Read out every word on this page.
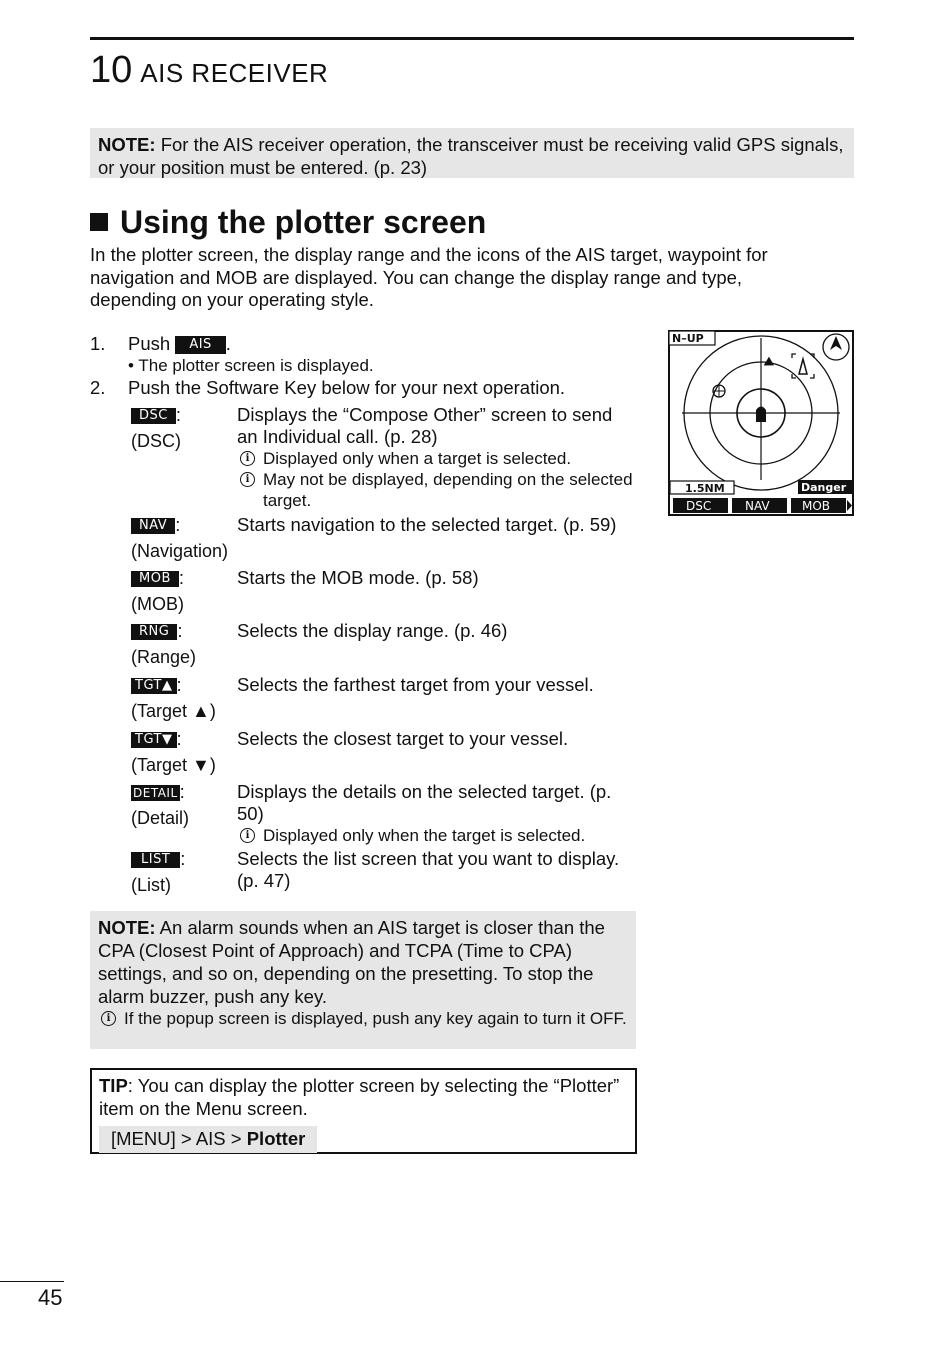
10 AIS RECEIVER
NOTE: For the AIS receiver operation, the transceiver must be receiving valid GPS signals, or your position must be entered. (p. 23)
Using the plotter screen
In the plotter screen, the display range and the icons of the AIS target, waypoint for navigation and MOB are displayed. You can change the display range and type, depending on your operating style.
1. Push AIS .
• The plotter screen is displayed.
2. Push the Software Key below for your next operation.
DSC :
(DSC)
Displays the “Compose Other” screen to send an Individual call. (p. 28)
i Displayed only when a target is selected.
i May not be displayed, depending on the selected target.
NAV :
(Navigation)
Starts navigation to the selected target. (p. 59)
MOB :
(MOB)
Starts the MOB mode. (p. 58)
RNG :
(Range)
Selects the display range. (p. 46)
TGT▲ :
(Target ▲)
Selects the farthest target from your vessel.
TGT▼ :
(Target ▼)
Selects the closest target to your vessel.
DETAIL :
(Detail)
Displays the details on the selected target. (p. 50)
i Displayed only when the target is selected.
LIST :
(List)
Selects the list screen that you want to display. (p. 47)
N–UP
1.5NM	Danger
DSC	NAV	MOB
NOTE: An alarm sounds when an AIS target is closer than the CPA (Closest Point of Approach) and TCPA (Time to CPA) settings, and so on, depending on the presetting. To stop the alarm buzzer, push any key.
i If the popup screen is displayed, push any key again to turn it OFF.
TIP: You can display the plotter screen by selecting the “Plotter” item on the Menu screen.
[MENU] > AIS > Plotter
45
